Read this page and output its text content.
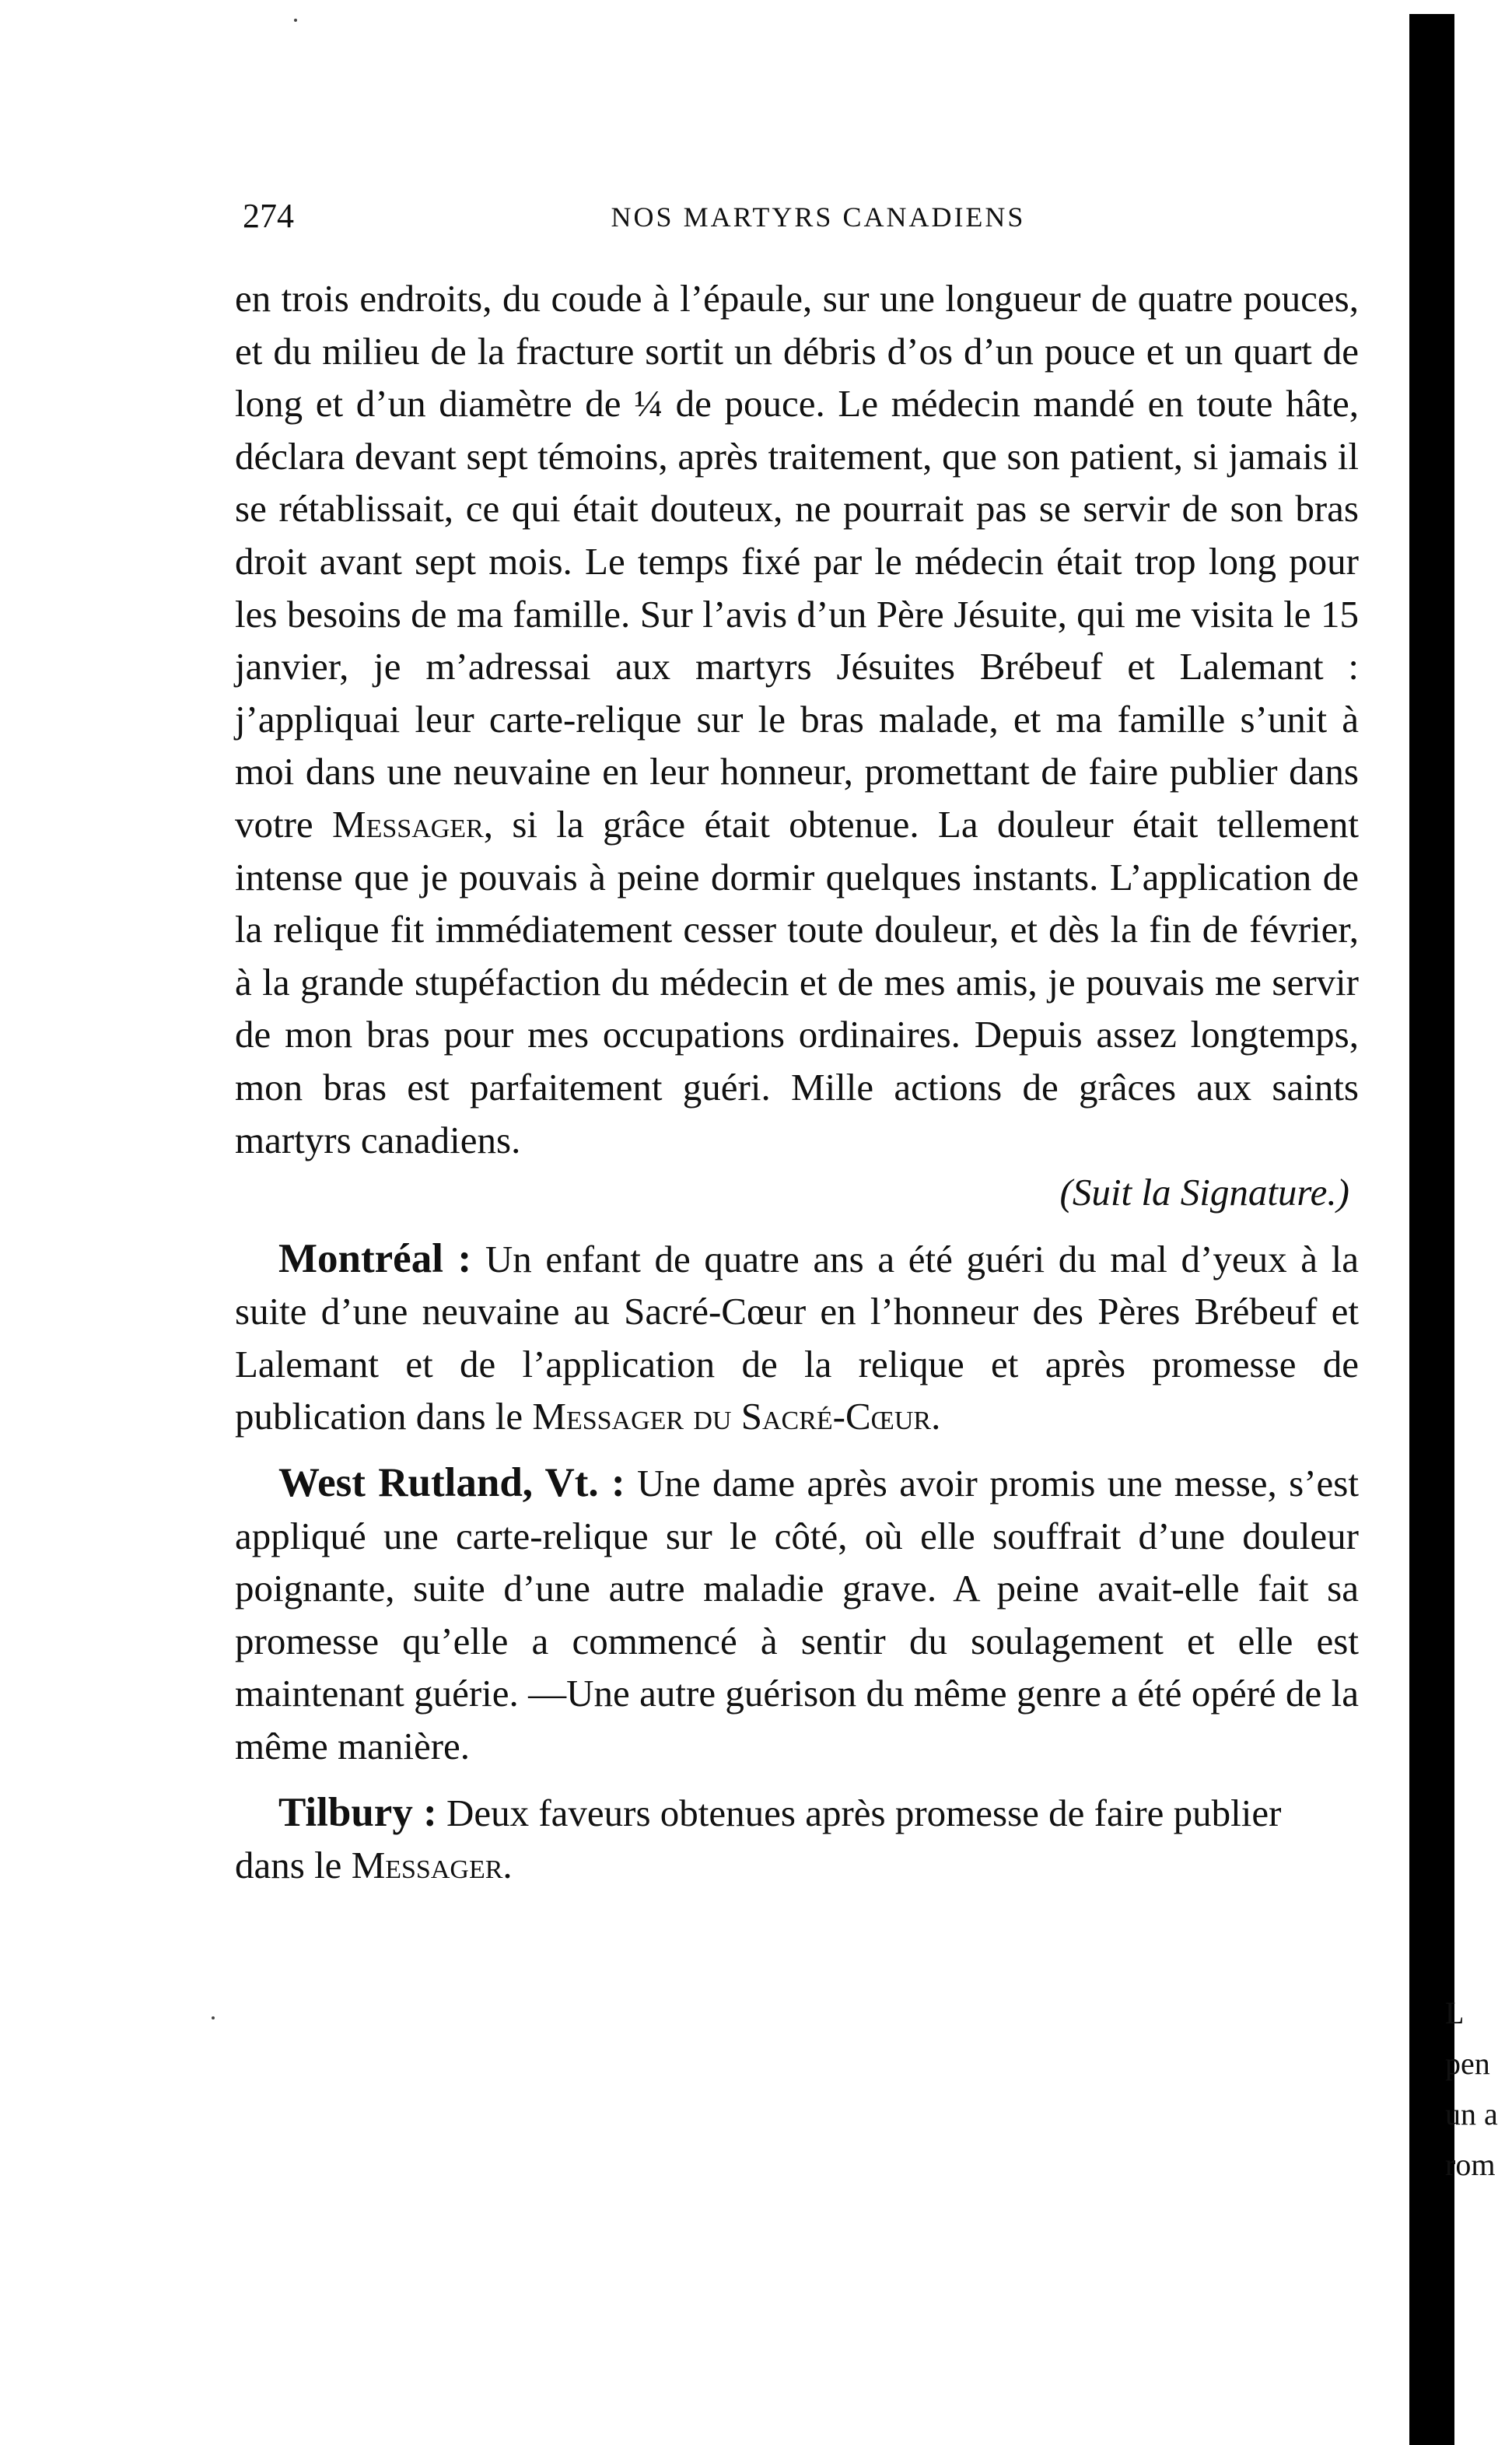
274	NOS MARTYRS CANADIENS

en trois endroits, du coude à l’épaule, sur une longueur de quatre pouces, et du milieu de la fracture sortit un débris d’os d’un pouce et un quart de long et d’un diamètre de ¼ de pouce. Le médecin mandé en toute hâte, déclara devant sept témoins, après traitement, que son patient, si jamais il se rétablissait, ce qui était douteux, ne pourrait pas se servir de son bras droit avant sept mois. Le temps fixé par le médecin était trop long pour les besoins de ma famille. Sur l’avis d’un Père Jésuite, qui me visita le 15 janvier, je m’adressai aux martyrs Jésuites Brébeuf et Lalemant : j’appliquai leur carte-relique sur le bras malade, et ma famille s’unit à moi dans une neuvaine en leur honneur, promettant de faire publier dans votre Messager, si la grâce était obtenue. La douleur était tellement intense que je pouvais à peine dormir quelques instants. L’application de la relique fit immédiatement cesser toute douleur, et dès la fin de février, à la grande stupéfaction du médecin et de mes amis, je pouvais me servir de mon bras pour mes occupations ordinaires. Depuis assez longtemps, mon bras est parfaitement guéri. Mille actions de grâces aux saints martyrs canadiens.

(Suit la Signature.)

Montréal : Un enfant de quatre ans a été guéri du mal d’yeux à la suite d’une neuvaine au Sacré-Cœur en l’honneur des Pères Brébeuf et Lalemant et de l’application de la relique et après promesse de publication dans le Messager du Sacré-Cœur.

West Rutland, Vt. : Une dame après avoir promis une messe, s’est appliqué une carte-relique sur le côté, où elle souffrait d’une douleur poignante, suite d’une autre maladie grave. A peine avait-elle fait sa promesse qu’elle a commencé à sentir du soulagement et elle est maintenant guérie. —Une autre guérison du même genre a été opéré de la même manière.

Tilbury : Deux faveurs obtenues après promesse de faire publier dans le Messager.

L
pen
un a
rom
